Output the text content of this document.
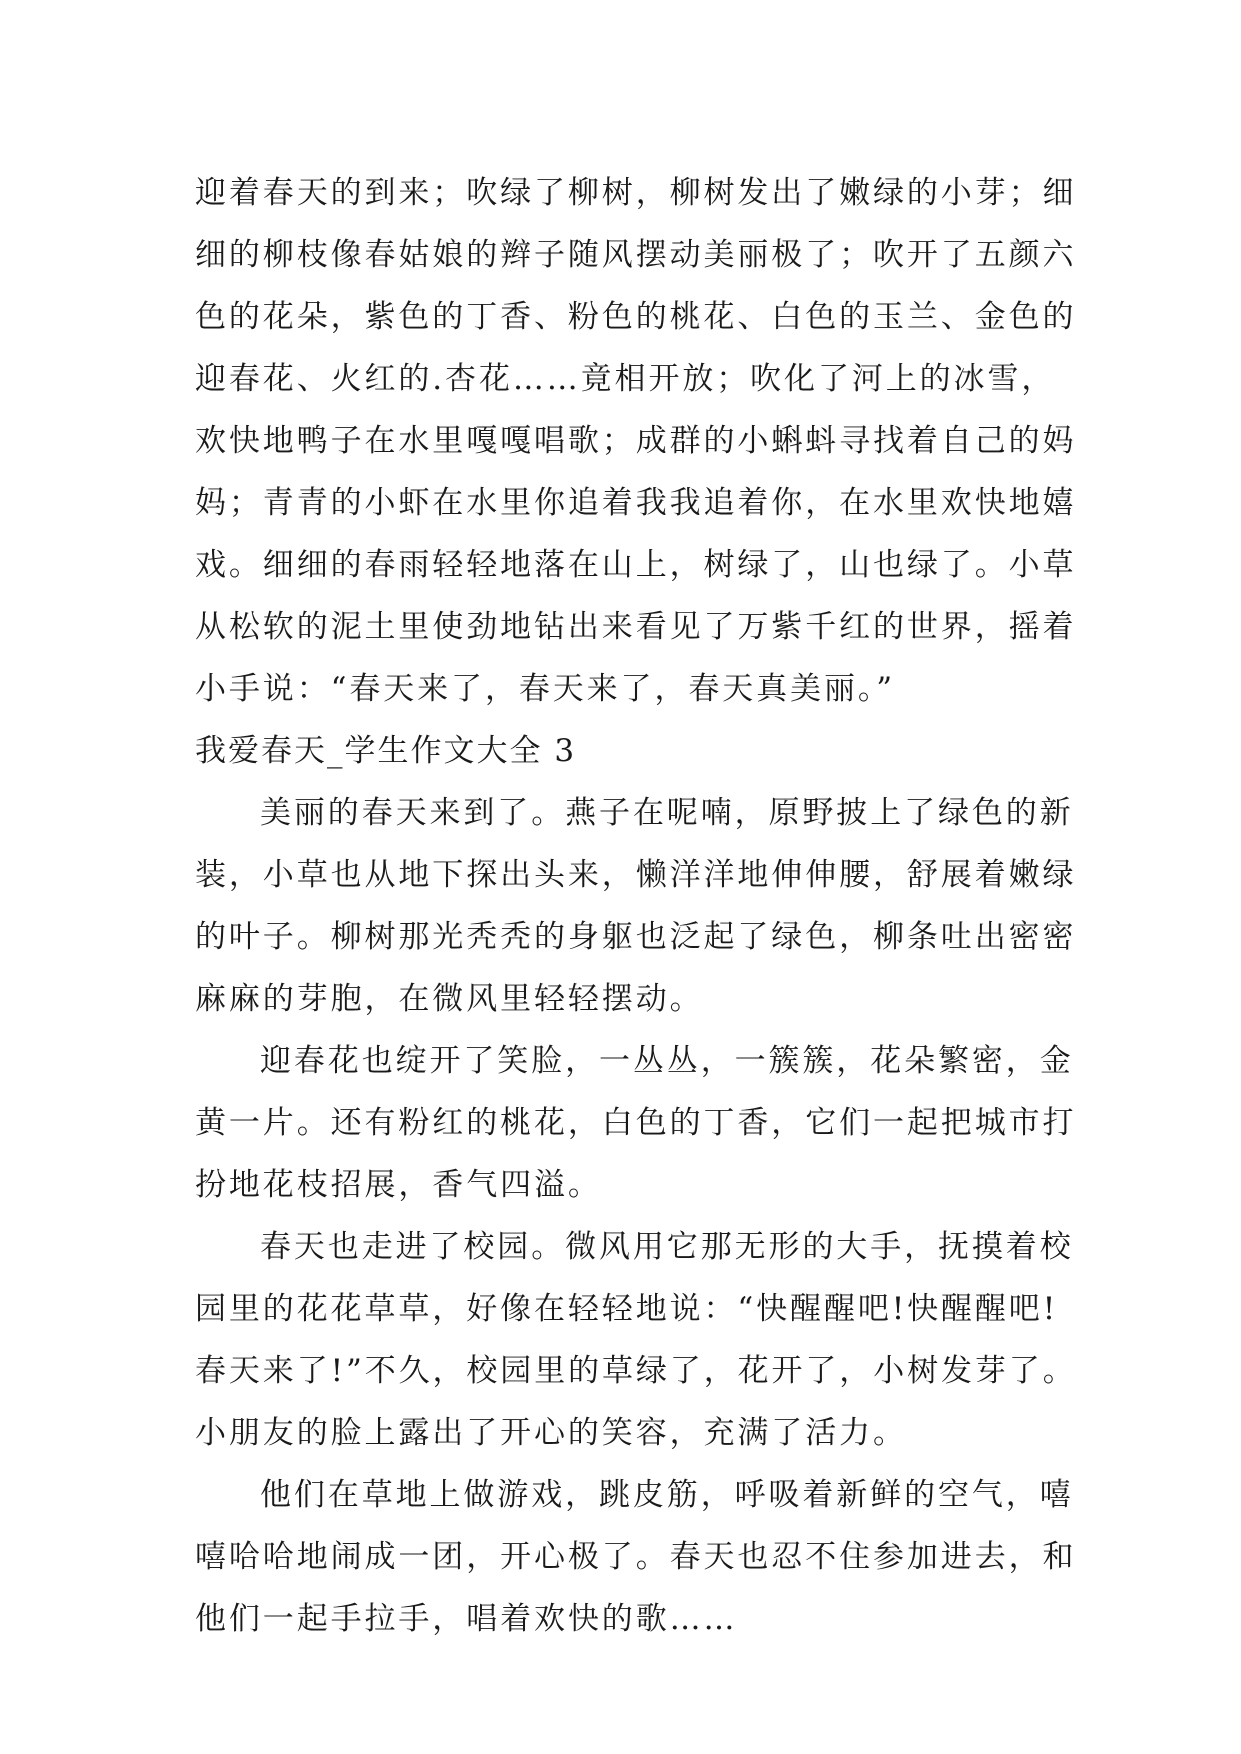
迎着春天的到来；吹绿了柳树，柳树发出了嫩绿的小芽；细
细的柳枝像春姑娘的辫子随风摆动美丽极了；吹开了五颜六
色的花朵，紫色的丁香、粉色的桃花、白色的玉兰、金色的
迎春花、火红的.杏花……竟相开放；吹化了河上的冰雪，
欢快地鸭子在水里嘎嘎唱歌；成群的小蝌蚪寻找着自己的妈
妈；青青的小虾在水里你追着我我追着你，在水里欢快地嬉
戏。细细的春雨轻轻地落在山上，树绿了，山也绿了。小草
从松软的泥土里使劲地钻出来看见了万紫千红的世界，摇着
小手说：“春天来了，春天来了，春天真美丽。”
我爱春天_学生作文大全 3
美丽的春天来到了。燕子在呢喃，原野披上了绿色的新
装，小草也从地下探出头来，懒洋洋地伸伸腰，舒展着嫩绿
的叶子。柳树那光秃秃的身躯也泛起了绿色，柳条吐出密密
麻麻的芽胞，在微风里轻轻摆动。
迎春花也绽开了笑脸，一丛丛，一簇簇，花朵繁密，金
黄一片。还有粉红的桃花，白色的丁香，它们一起把城市打
扮地花枝招展，香气四溢。
春天也走进了校园。微风用它那无形的大手，抚摸着校
园里的花花草草，好像在轻轻地说：“快醒醒吧!快醒醒吧!
春天来了!”不久，校园里的草绿了，花开了，小树发芽了。
小朋友的脸上露出了开心的笑容，充满了活力。
他们在草地上做游戏，跳皮筋，呼吸着新鲜的空气，嘻
嘻哈哈地闹成一团，开心极了。春天也忍不住参加进去，和
他们一起手拉手，唱着欢快的歌……
